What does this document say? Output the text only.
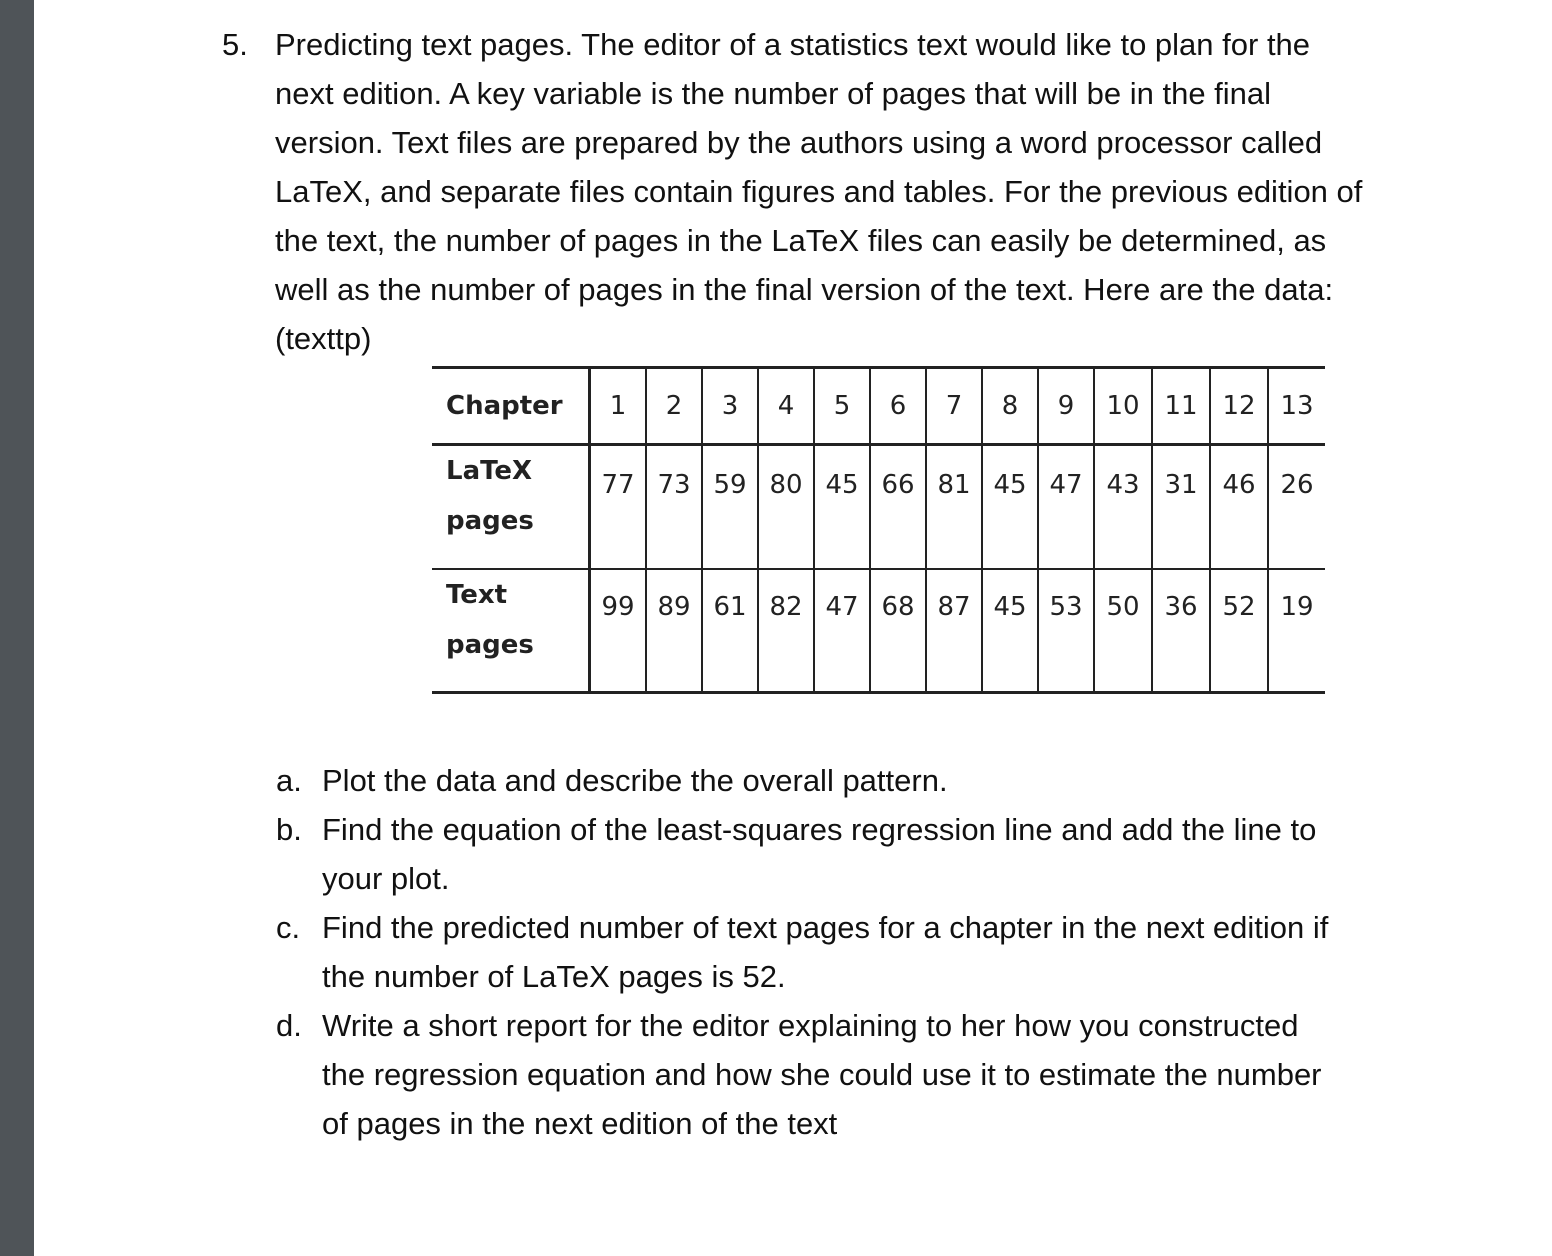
5. Predicting text pages. The editor of a statistics text would like to plan for the
next edition. A key variable is the number of pages that will be in the final
version. Text files are prepared by the authors using a word processor called
LaTeX, and separate files contain figures and tables. For the previous edition of
the text, the number of pages in the LaTeX files can easily be determined, as
well as the number of pages in the final version of the text. Here are the data:
(texttp)
Chapter	1	2	3	4	5	6	7	8	9	10	11	12	13

LaTeX
pages	77	73	59	80	45	66	81	45	47	43	31	46	26

Text
pages	99	89	61	82	47	68	87	45	53	50	36	52	19
a. Plot the data and describe the overall pattern.
b. Find the equation of the least-squares regression line and add the line to
your plot.
c. Find the predicted number of text pages for a chapter in the next edition if
the number of LaTeX pages is 52.
d. Write a short report for the editor explaining to her how you constructed
the regression equation and how she could use it to estimate the number
of pages in the next edition of the text
